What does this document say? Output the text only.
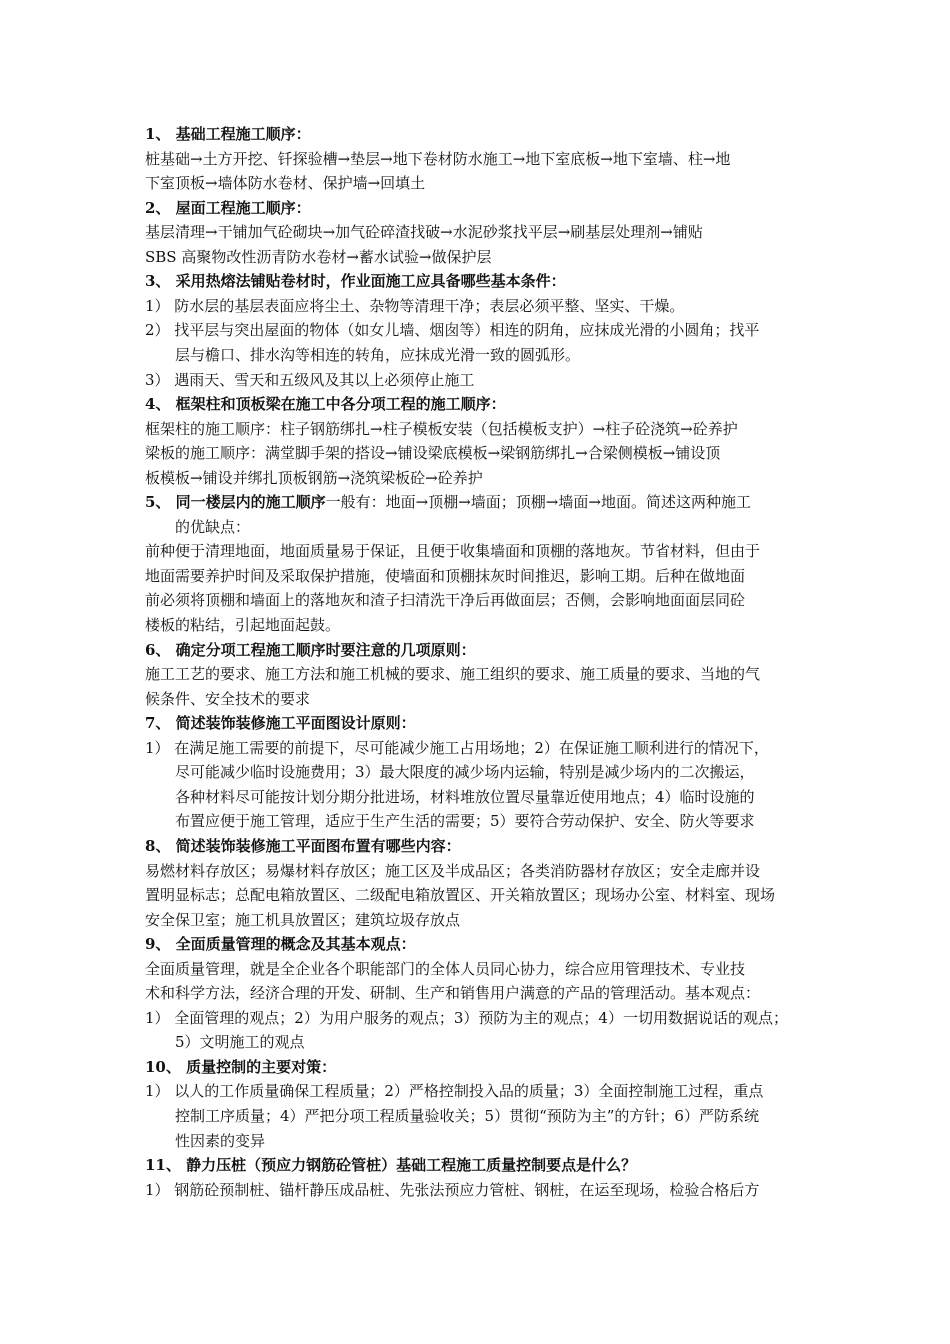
1、 基础工程施工顺序：
桩基础→土方开挖、钎探验槽→垫层→地下卷材防水施工→地下室底板→地下室墙、柱→地
下室顶板→墙体防水卷材、保护墙→回填土
2、 屋面工程施工顺序：
基层清理→干铺加气砼砌块→加气砼碎渣找破→水泥砂浆找平层→刷基层处理剂→铺贴
SBS 高聚物改性沥青防水卷材→蓄水试验→做保护层
3、 采用热熔法铺贴卷材时，作业面施工应具备哪些基本条件：
1） 防水层的基层表面应将尘土、杂物等清理干净；表层必须平整、坚实、干燥。
2） 找平层与突出屋面的物体（如女儿墙、烟囱等）相连的阴角，应抹成光滑的小圆角；找平
层与檐口、排水沟等相连的转角，应抹成光滑一致的圆弧形。
3） 遇雨天、雪天和五级风及其以上必须停止施工
4、 框架柱和顶板梁在施工中各分项工程的施工顺序：
框架柱的施工顺序：柱子钢筋绑扎→柱子模板安装（包括模板支护）→柱子砼浇筑→砼养护
梁板的施工顺序：满堂脚手架的搭设→铺设梁底模板→梁钢筋绑扎→合梁侧模板→铺设顶
板模板→铺设并绑扎顶板钢筋→浇筑梁板砼→砼养护
5、 同一楼层内的施工顺序一般有：地面→顶棚→墙面；顶棚→墙面→地面。简述这两种施工
的优缺点：
前种便于清理地面，地面质量易于保证，且便于收集墙面和顶棚的落地灰。节省材料，但由于
地面需要养护时间及采取保护措施，使墙面和顶棚抹灰时间推迟，影响工期。后种在做地面
前必须将顶棚和墙面上的落地灰和渣子扫清洗干净后再做面层；否侧，会影响地面面层同砼
楼板的粘结，引起地面起鼓。
6、 确定分项工程施工顺序时要注意的几项原则：
施工工艺的要求、施工方法和施工机械的要求、施工组织的要求、施工质量的要求、当地的气
候条件、安全技术的要求
7、 简述装饰装修施工平面图设计原则：
1） 在满足施工需要的前提下，尽可能减少施工占用场地；2）在保证施工顺利进行的情况下，
尽可能减少临时设施费用；3）最大限度的减少场内运输，特别是减少场内的二次搬运，
各种材料尽可能按计划分期分批进场，材料堆放位置尽量靠近使用地点；4）临时设施的
布置应便于施工管理，适应于生产生活的需要；5）要符合劳动保护、安全、防火等要求
8、 简述装饰装修施工平面图布置有哪些内容：
易燃材料存放区；易爆材料存放区；施工区及半成品区；各类消防器材存放区；安全走廊并设
置明显标志；总配电箱放置区、二级配电箱放置区、开关箱放置区；现场办公室、材料室、现场
安全保卫室；施工机具放置区；建筑垃圾存放点
9、 全面质量管理的概念及其基本观点：
全面质量管理，就是全企业各个职能部门的全体人员同心协力，综合应用管理技术、专业技
术和科学方法，经济合理的开发、研制、生产和销售用户满意的产品的管理活动。基本观点：
1） 全面管理的观点；2）为用户服务的观点；3）预防为主的观点；4）一切用数据说话的观点；
5）文明施工的观点
10、 质量控制的主要对策：
1） 以人的工作质量确保工程质量；2）严格控制投入品的质量；3）全面控制施工过程，重点
控制工序质量；4）严把分项工程质量验收关；5）贯彻“预防为主”的方针；6）严防系统
性因素的变异
11、 静力压桩（预应力钢筋砼管桩）基础工程施工质量控制要点是什么？
1） 钢筋砼预制桩、锚杆静压成品桩、先张法预应力管桩、钢桩，在运至现场，检验合格后方
